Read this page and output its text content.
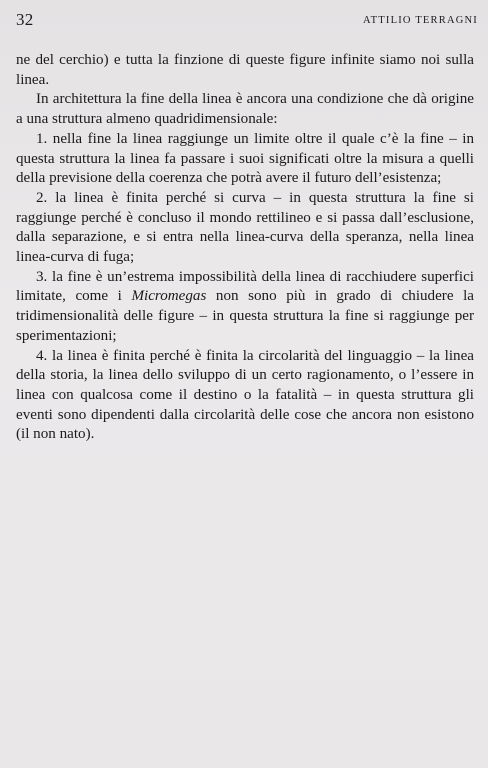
32	ATTILIO TERRAGNI

ne del cerchio) e tutta la finzione di queste figure infinite siamo noi sulla linea.

In architettura la fine della linea è ancora una condizione che dà origine a una struttura almeno quadridimensionale:

1. nella fine la linea raggiunge un limite oltre il quale c’è la fine – in questa struttura la linea fa passare i suoi significati oltre la misura a quelli della previsione della coerenza che potrà avere il futuro dell’esistenza;

2. la linea è finita perché si curva – in questa struttura la fine si raggiunge perché è concluso il mondo rettilineo e si passa dall’esclusione, dalla separazione, e si entra nella linea-curva della speranza, nella linea linea-curva di fuga;

3. la fine è un’estrema impossibilità della linea di racchiudere superfici limitate, come i Micromegas non sono più in grado di chiudere la tridimensionalità delle figure – in questa struttura la fine si raggiunge per sperimentazioni;

4. la linea è finita perché è finita la circolarità del linguaggio – la linea della storia, la linea dello sviluppo di un certo ragionamento, o l’essere in linea con qualcosa come il destino o la fatalità – in questa struttura gli eventi sono dipendenti dalla circolarità delle cose che ancora non esistono (il non nato).
